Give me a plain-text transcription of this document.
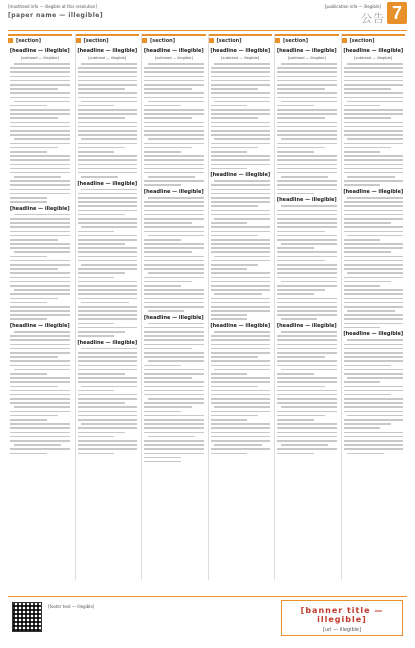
[masthead info — illegible at this resolution]
[paper name — illegible]
[publication info — illegible]
公告 7
[section]
[headline — illegible]
[subhead — illegible]
[headline — illegible]
[headline — illegible]
[section]
[headline — illegible]
[subhead — illegible]
[headline — illegible]
[headline — illegible]
[section]
[headline — illegible]
[subhead — illegible]
[headline — illegible]
[headline — illegible]
[section]
[headline — illegible]
[subhead — illegible]
[headline — illegible]
[headline — illegible]
[section]
[headline — illegible]
[subhead — illegible]
[headline — illegible]
[headline — illegible]
[section]
[headline — illegible]
[subhead — illegible]
[headline — illegible]
[headline — illegible]
[footer text — illegible]	[banner title — illegible]
[url — illegible]
